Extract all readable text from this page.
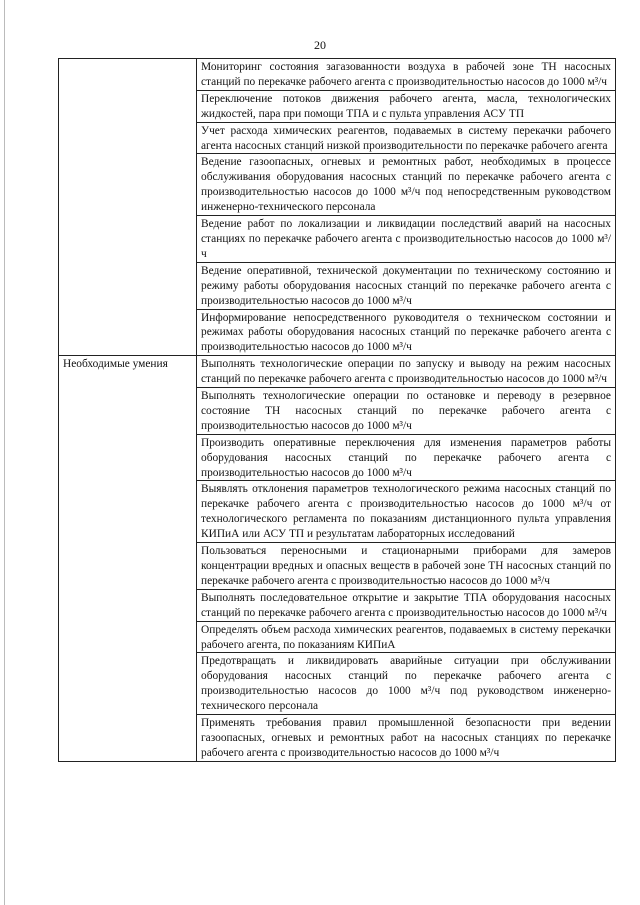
20
	Мониторинг состояния загазованности воздуха в рабочей зоне ТН насосных станций по перекачке рабочего агента с производительностью насосов до 1000 м³/ч
	Переключение потоков движения рабочего агента, масла, технологических жидкостей, пара при помощи ТПА и с пульта управления АСУ ТП
	Учет расхода химических реагентов, подаваемых в систему перекачки рабочего агента насосных станций низкой производительности по перекачке рабочего агента
	Ведение газоопасных, огневых и ремонтных работ, необходимых в процессе обслуживания оборудования насосных станций по перекачке рабочего агента с производительностью насосов до 1000 м³/ч под непосредственным руководством инженерно-технического персонала
	Ведение работ по локализации и ликвидации последствий аварий на насосных станциях по перекачке рабочего агента с производительностью насосов до 1000 м³/ч
	Ведение оперативной, технической документации по техническому состоянию и режиму работы оборудования насосных станций по перекачке рабочего агента с производительностью насосов до 1000 м³/ч
	Информирование непосредственного руководителя о техническом состоянии и режимах работы оборудования насосных станций по перекачке рабочего агента с производительностью насосов до 1000 м³/ч
Необходимые умения	Выполнять технологические операции по запуску и выводу на режим насосных станций по перекачке рабочего агента с производительностью насосов до 1000 м³/ч
	Выполнять технологические операции по остановке и переводу в резервное состояние ТН насосных станций по перекачке рабочего агента с производительностью насосов до 1000 м³/ч
	Производить оперативные переключения для изменения параметров работы оборудования насосных станций по перекачке рабочего агента с производительностью насосов до 1000 м³/ч
	Выявлять отклонения параметров технологического режима насосных станций по перекачке рабочего агента с производительностью насосов до 1000 м³/ч от технологического регламента по показаниям дистанционного пульта управления КИПиА или АСУ ТП и результатам лабораторных исследований
	Пользоваться переносными и стационарными приборами для замеров концентрации вредных и опасных веществ в рабочей зоне ТН насосных станций по перекачке рабочего агента с производительностью насосов до 1000 м³/ч
	Выполнять последовательное открытие и закрытие ТПА оборудования насосных станций по перекачке рабочего агента с производительностью насосов до 1000 м³/ч
	Определять объем расхода химических реагентов, подаваемых в систему перекачки рабочего агента, по показаниям КИПиА
	Предотвращать и ликвидировать аварийные ситуации при обслуживании оборудования насосных станций по перекачке рабочего агента с производительностью насосов до 1000 м³/ч под руководством инженерно-технического персонала
	Применять требования правил промышленной безопасности при ведении газоопасных, огневых и ремонтных работ на насосных станциях по перекачке рабочего агента с производительностью насосов до 1000 м³/ч
